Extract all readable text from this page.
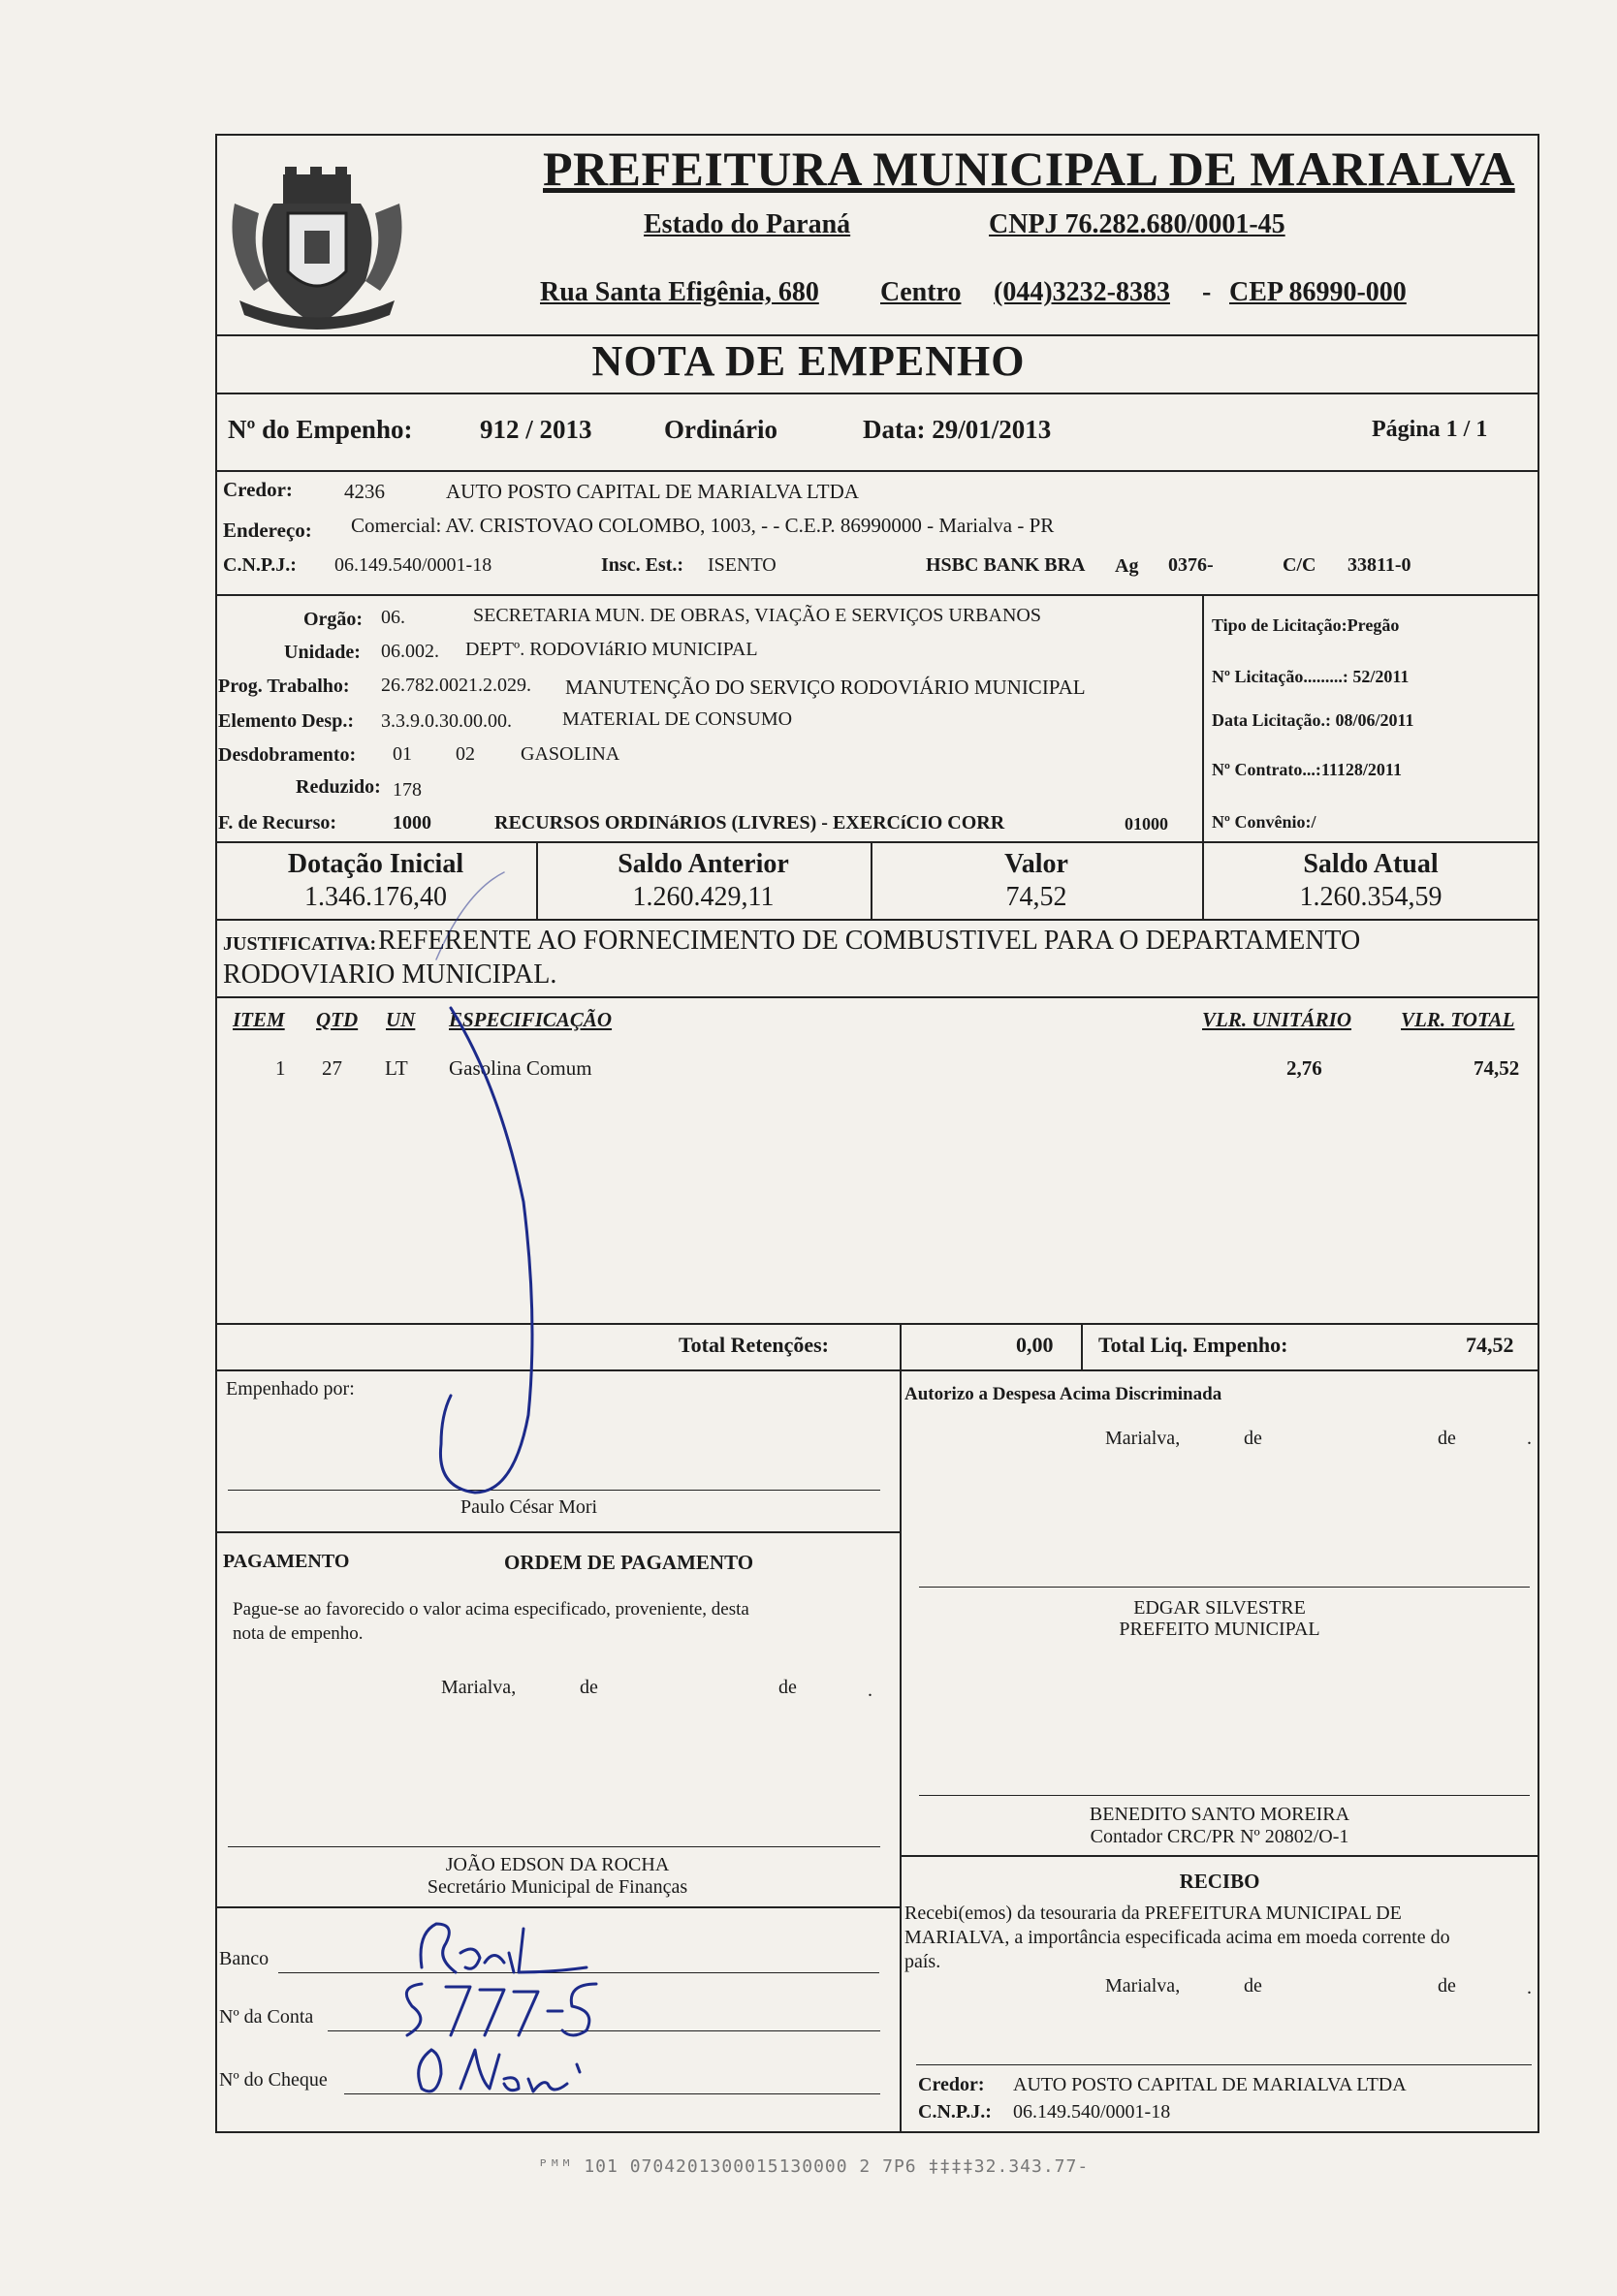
PREFEITURA MUNICIPAL DE MARIALVA
Estado do Paraná	CNPJ 76.282.680/0001-45
Rua Santa Efigênia, 680 Centro (044)3232-8383 - CEP 86990-000
NOTA DE EMPENHO
Nº do Empenho:	912 / 2013	Ordinário	Data: 29/01/2013	Página 1 / 1
Credor:	4236	AUTO POSTO CAPITAL DE MARIALVA LTDA
Endereço: Comercial: AV. CRISTOVAO COLOMBO, 1003, - - C.E.P. 86990000 - Marialva - PR
C.N.P.J.: 06.149.540/0001-18	Insc. Est.: ISENTO	HSBC BANK BRA Ag 0376-	C/C 33811-0
Orgão: 06.	SECRETARIA MUN. DE OBRAS, VIAÇÃO E SERVIÇOS URBANOS
Unidade: 06.002. DEPTº. RODOVIáRIO MUNICIPAL
Prog. Trabalho: 26.782.0021.2.029. MANUTENÇÃO DO SERVIÇO RODOVIÁRIO MUNICIPAL
Elemento Desp.: 3.3.9.0.30.00.00.	MATERIAL DE CONSUMO
Desdobramento: 01 02 GASOLINA
Reduzido: 178
F. de Recurso:	1000	RECURSOS ORDINáRIOS (LIVRES) - EXERCíCIO CORR	01000
Tipo de Licitação:Pregão
Nº Licitação.........: 52/2011
Data Licitação.: 08/06/2011
Nº Contrato...:11128/2011
Nº Convênio:/
Dotação Inicial
1.346.176,40
Saldo Anterior
1.260.429,11
Valor
74,52
Saldo Atual
1.260.354,59
JUSTIFICATIVA: REFERENTE AO FORNECIMENTO DE COMBUSTIVEL PARA O DEPARTAMENTO
RODOVIARIO MUNICIPAL.
ITEM QTD UN ESPECIFICAÇÃO	VLR. UNITÁRIO VLR. TOTAL
1 27 LT Gasolina Comum	2,76	74,52
Total Retenções:	0,00 Total Liq. Empenho:	74,52
Empenhado por:
Paulo César Mori
Autorizo a Despesa Acima Discriminada
Marialva,	de	de	.
EDGAR SILVESTRE
PREFEITO MUNICIPAL
PAGAMENTO	ORDEM DE PAGAMENTO
Pague-se ao favorecido o valor acima especificado, proveniente, desta
nota de empenho.
Marialva,	de	de	.
BENEDITO SANTO MOREIRA
Contador CRC/PR Nº 20802/O-1
JOÃO EDSON DA ROCHA
Secretário Municipal de Finanças	RECIBO
Recebi(emos) da tesouraria da PREFEITURA MUNICIPAL DE
MARIALVA, a importância especificada acima em moeda corrente do
país.
Marialva,	de	de	.
Credor: AUTO POSTO CAPITAL DE MARIALVA LTDA
C.N.P.J.: 06.149.540/0001-18
Banco
Nº da Conta
Nº do Cheque
ᴾᴹᴹ 101 0704201300015130000 2 7P6 ‡‡‡‡32.343.77-
